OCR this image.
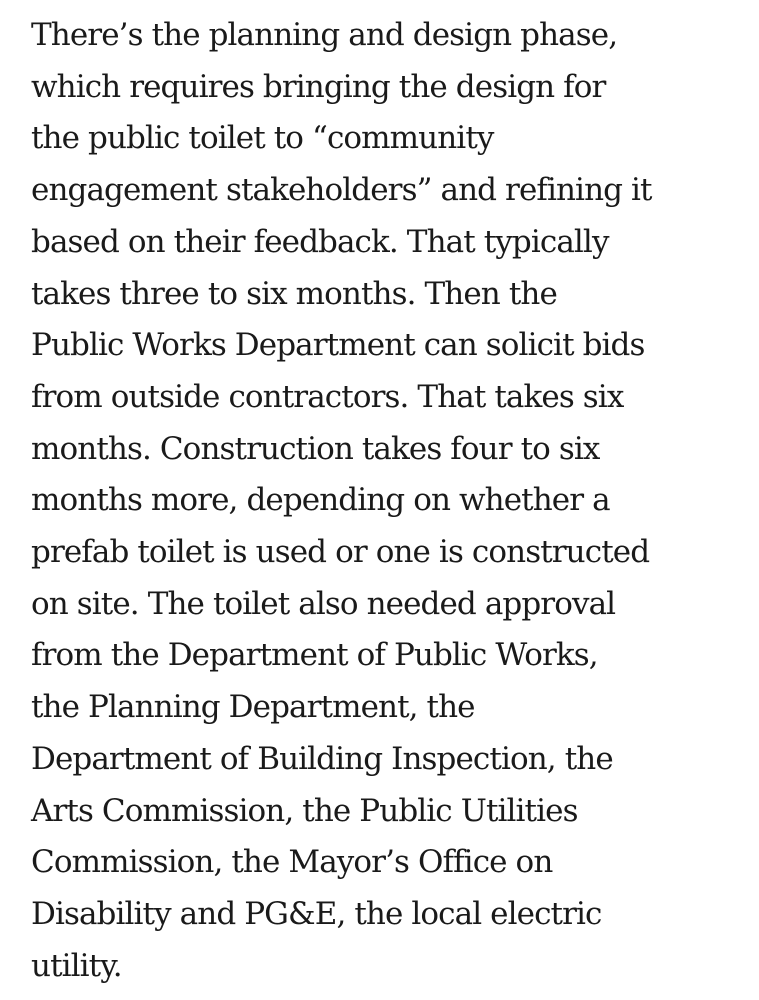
There’s the planning and design phase,
which requires bringing the design for
the public toilet to “community
engagement stakeholders” and refining it
based on their feedback. That typically
takes three to six months. Then the
Public Works Department can solicit bids
from outside contractors. That takes six
months. Construction takes four to six
months more, depending on whether a
prefab toilet is used or one is constructed
on site. The toilet also needed approval
from the Department of Public Works,
the Planning Department, the
Department of Building Inspection, the
Arts Commission, the Public Utilities
Commission, the Mayor’s Office on
Disability and PG&E, the local electric
utility.
